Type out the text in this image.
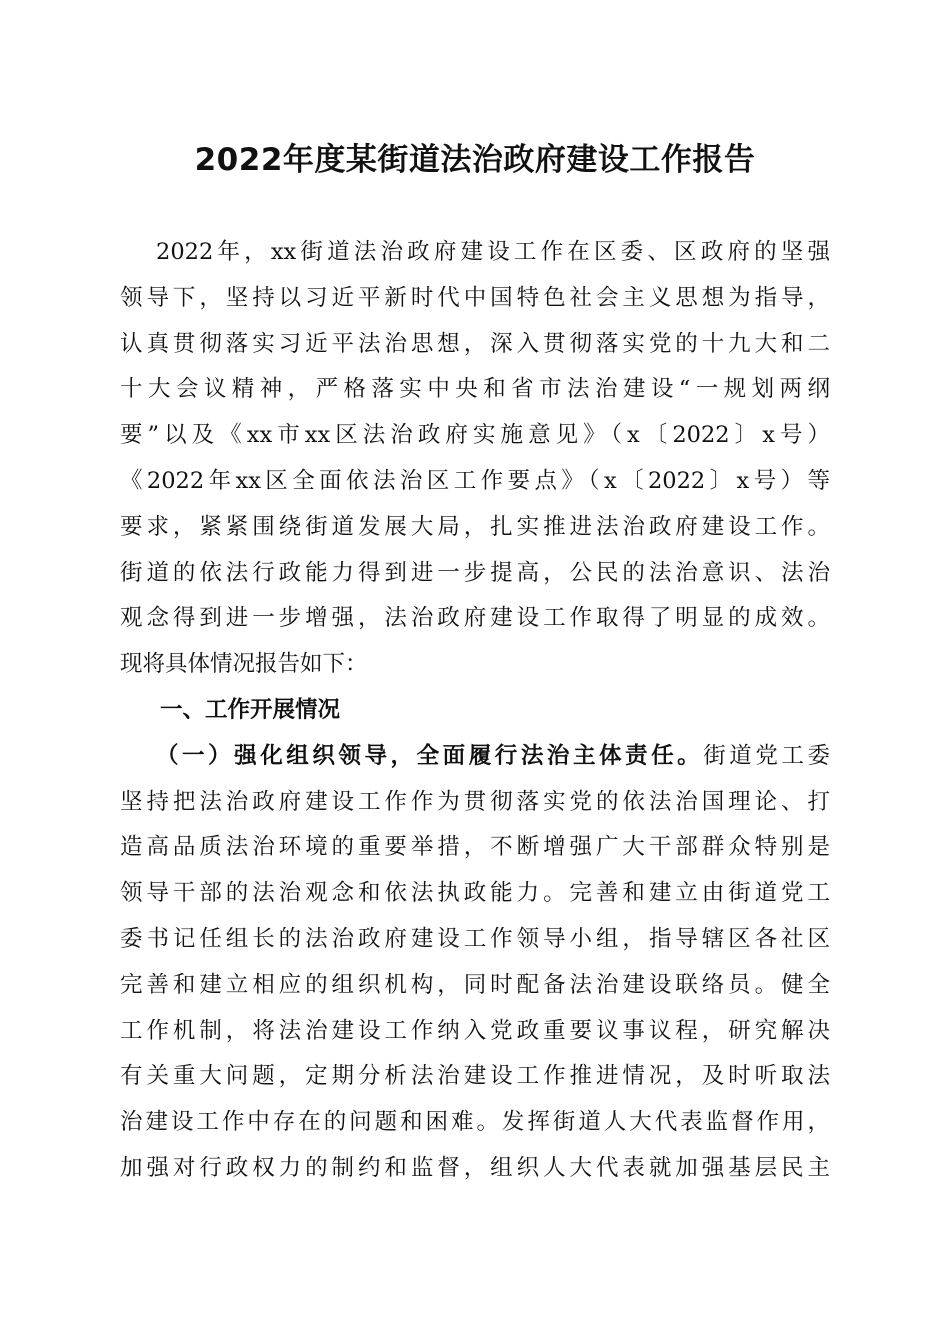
2022年度某街道法治政府建设工作报告
2022年，xx街道法治政府建设工作在区委、区政府的坚强
领导下，坚持以习近平新时代中国特色社会主义思想为指导，
认真贯彻落实习近平法治思想，深入贯彻落实党的十九大和二
十大会议精神，严格落实中央和省市法治建设“一规划两纲
要”以及《xx市xx区法治政府实施意见》（x〔2022〕x号）
《2022年xx区全面依法治区工作要点》（x〔2022〕x号）等
要求，紧紧围绕街道发展大局，扎实推进法治政府建设工作。
街道的依法行政能力得到进一步提高，公民的法治意识、法治
观念得到进一步增强，法治政府建设工作取得了明显的成效。
现将具体情况报告如下：
一、工作开展情况
（一）强化组织领导，全面履行法治主体责任。街道党工委
坚持把法治政府建设工作作为贯彻落实党的依法治国理论、打
造高品质法治环境的重要举措，不断增强广大干部群众特别是
领导干部的法治观念和依法执政能力。完善和建立由街道党工
委书记任组长的法治政府建设工作领导小组，指导辖区各社区
完善和建立相应的组织机构，同时配备法治建设联络员。健全
工作机制，将法治建设工作纳入党政重要议事议程，研究解决
有关重大问题，定期分析法治建设工作推进情况，及时听取法
治建设工作中存在的问题和困难。发挥街道人大代表监督作用，
加强对行政权力的制约和监督，组织人大代表就加强基层民主
